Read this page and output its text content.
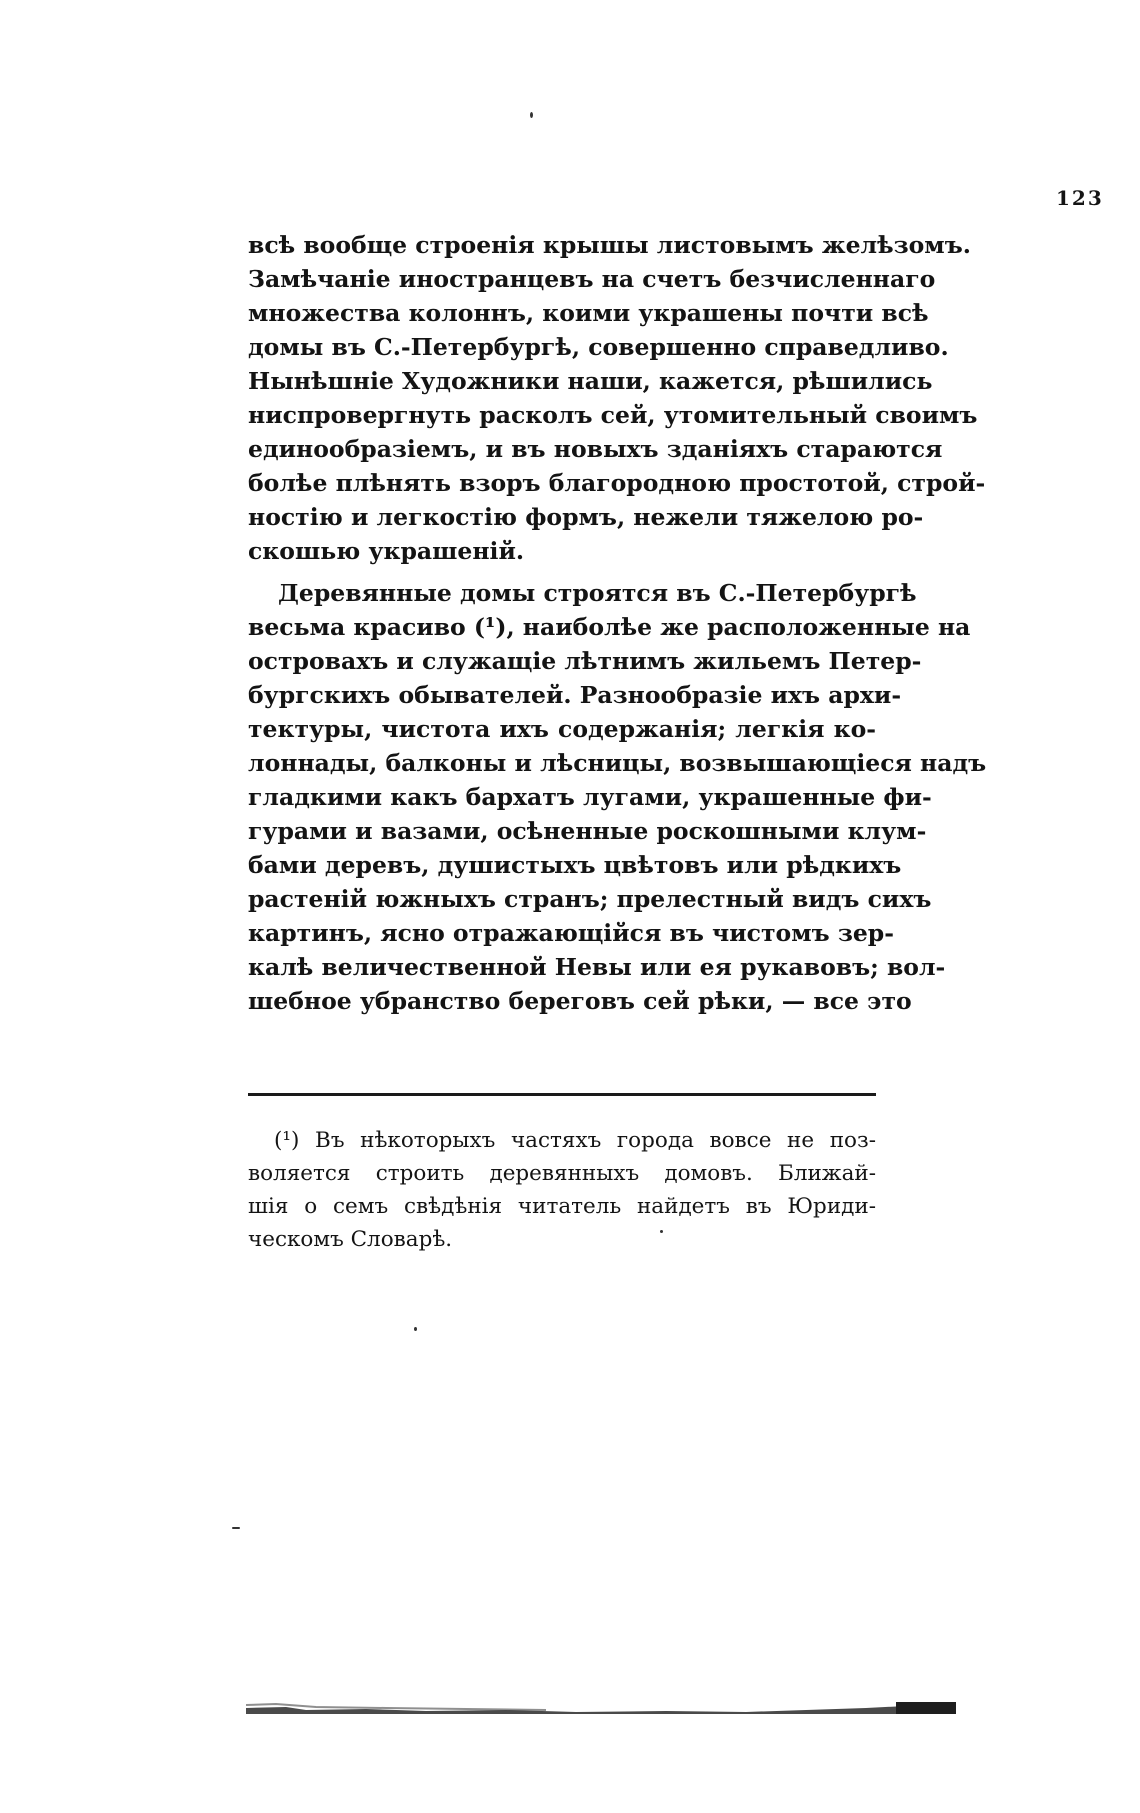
123
всѣ вообще строенія крышы листовымъ желѣзомъ.
Замѣчаніе иностранцевъ на счетъ безчисленнаго
множества колоннъ, коими украшены почти всѣ
домы въ С.-Петербургѣ, совершенно справедливо.
Нынѣшніе Художники наши, кажется, рѣшились
ниспровергнуть расколъ сей, утомительный своимъ
единообразіемъ, и въ новыхъ зданіяхъ стараются
болѣе плѣнять взоръ благородною простотой, строй-
ностію и легкостію формъ, нежели тяжелою ро-
скошью украшеній.
Деревянные домы строятся въ С.-Петербургѣ
весьма красиво (¹), наиболѣе же расположенные на
островахъ и служащіе лѣтнимъ жильемъ Петер-
бургскихъ обывателей. Разнообразіе ихъ архи-
тектуры, чистота ихъ содержанія; легкія ко-
лоннады, балконы и лѣсницы, возвышающіеся надъ
гладкими какъ бархатъ лугами, украшенные фи-
гурами и вазами, осѣненные роскошными клум-
бами деревъ, душистыхъ цвѣтовъ или рѣдкихъ
растеній южныхъ странъ; прелестный видъ сихъ
картинъ, ясно отражающійся въ чистомъ зер-
калѣ величественной Невы или ея рукавовъ; вол-
шебное убранство береговъ сей рѣки, — все это
(¹) Въ нѣкоторыхъ частяхъ города вовсе не поз-
воляется строить деревянныхъ домовъ. Ближай-
шія о семъ свѣдѣнія читатель найдетъ въ Юриди-
ческомъ Словарѣ.
